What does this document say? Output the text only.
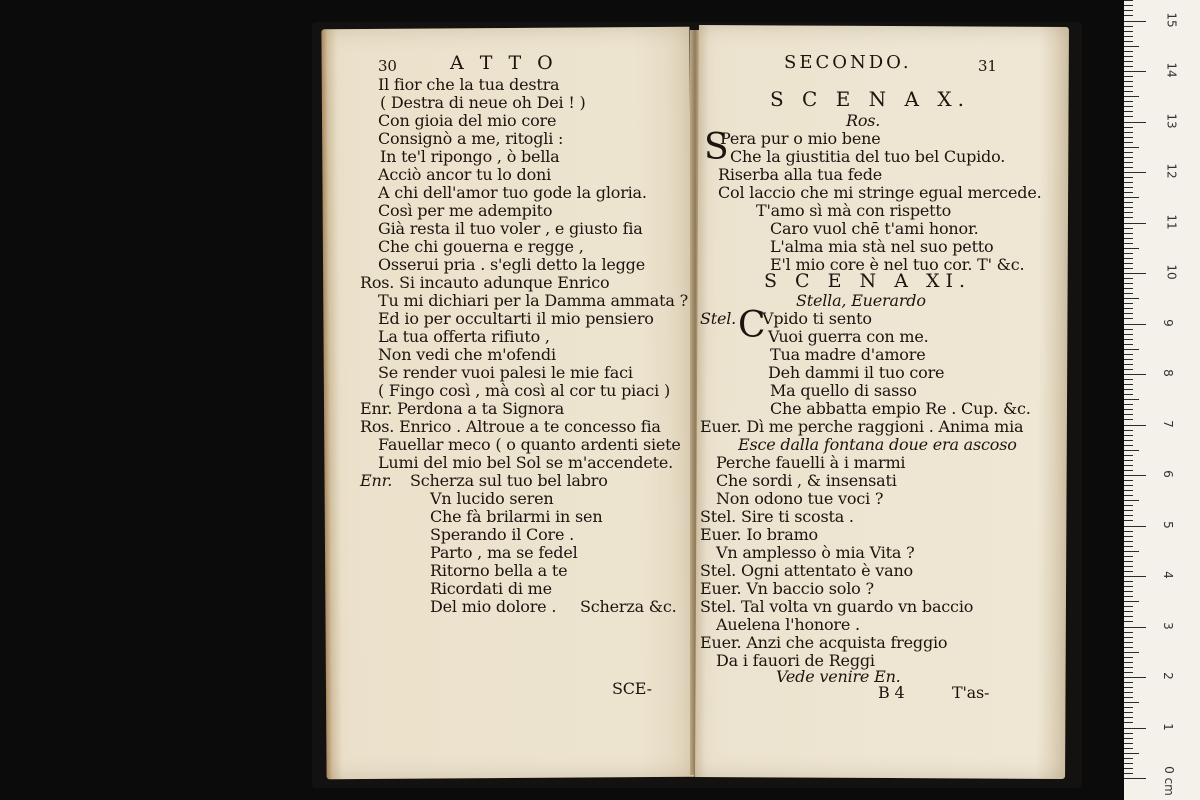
30	A T T O
Il fior che la tua destra
( Destra di neue oh Dei ! )
Con gioia del mio core
Consignò a me, ritogli :
In te'l ripongo , ò bella
Acciò ancor tu lo doni
A chi dell'amor tuo gode la gloria.
Così per me adempito
Già resta il tuo voler , e giusto fia
Che chi gouerna e regge ,
Osserui pria . s'egli detto la legge
Ros. Si incauto adunque Enrico
Tu mi dichiari per la Damma ammata ?
Ed io per occultarti il mio pensiero
La tua offerta rifiuto ,
Non vedi che m'ofendi
Se render vuoi palesi le mie faci
( Fingo così , mà così al cor tu piaci )
Enr. Perdona a ta Signora
Ros. Enrico . Altroue a te concesso fia
Fauellar meco ( o quanto ardenti siete
Lumi del mio bel Sol se m'accendete.
Enr. Scherza sul tuo bel labro
Vn lucido seren
Che fà brilarmi in sen
Sperando il Core .
Parto , ma se fedel
Ritorno bella a te
Ricordati di me
Del mio dolore . Scherza &c.
SCE-
SECONDO.	31
S C E N A X.
Ros.
S
Pera pur o mio bene
Che la giustitia del tuo bel Cupido.
Riserba alla tua fede
Col laccio che mi stringe egual mercede.
T'amo sì mà con rispetto
Caro vuol chē t'ami honor.
L'alma mia stà nel suo petto
E'l mio core è nel tuo cor. T' &c.
S C E N A XI.
Stella, Euerardo
Stel. C
Vpido ti sento
Vuoi guerra con me.
Tua madre d'amore
Deh dammi il tuo core
Ma quello di sasso
Che abbatta empio Re . Cup. &c.
Euer. Dì me perche raggioni . Anima mia
Esce dalla fontana doue era ascoso
Perche fauelli à i marmi
Che sordi , & insensati
Non odono tue voci ?
Stel. Sire ti scosta .
Euer. Io bramo
Vn amplesso ò mia Vita ?
Stel. Ogni attentato è vano
Euer. Vn baccio solo ?
Stel. Tal volta vn guardo vn baccio
Auelena l'honore .
Euer. Anzi che acquista freggio
Da i fauori de Reggi
Vede venire En.
B 4	T'as-
0 cm
1
2
3
4
5
6
7
8
9
10
11
12
13
14
15
